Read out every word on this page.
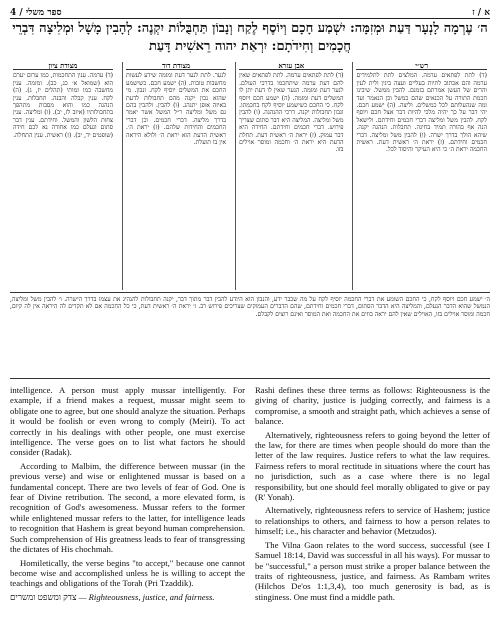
4 / ספר משלי	א / ז
ה׳ עֶרְמָה לָנְעָר דַּעַת וּמְזִמָּה: יִשְׁמַע חָכָם וְיוֹסֶף לֶקַח וְנָבוֹן תַּחְבֻּלוֹת יִקְנֶה: לְהָבִין מָשָׁל וּמְלִיצָה דִּבְרֵי חֲכָמִים וְחִידֹתָם: יִרְאַת יהוה רֵאשִׁית דָּעַת
רש״י
(ד) לתת לפתאים ערמה. המלצים לתת לתלמידים ערמה והם אכתוב לתיות בעליים ועצה ביגין ולית לעין והרים של העשן אמרתם בזמנם. להבין ממשל. שיבינו חכמת התורה על הכנאים שהם כמשל וכן הנאמר ועד ומה שנהעלותם לכל כמשלים. וליצה. (ה) ישמע חכם. יהי דבר על כך יהיה מלכי להיות דבר אצל חכם ויוסף לקח. להבין משל ומליצה דברי חכמים וחידתם. ולישאל הנה אף בהורה תמיד בחינה. תחבלות. הנהגה יקנה. שיהא הולך בדרך ישרה. (ו) להבין משל ומליצה. דברי חכמים וחידתם. (ז) יראת ה׳ ראשית דעת. ראשית החכמה יראת ה׳ כי היא העיקר והיסוד לכל.
אבן עזרא
(ד) לתת לפתאים ערמה. לתת לפתאים שאין להם דעת ערמה שיתחכמו בדרכי העולם. לנער דעת ומזמה. הנער שאין לו דעת יתן לו המשלים דעת ומזמה. (ה) ישמע חכם ויוסף לקח. כי החכם כשישמע יוסיף לקח בחכמתו. ונבון תחבולות יקנה. דרכי ההנהגה. (ו) להבין משל ומליצה. המליצה היא דבר סתום שצריך פירוש. דברי חכמים וחידתם. החידה היא דבר עמוק. (ז) יראת ה׳ ראשית דעת. תחלת הדעת היא יראת ה׳ וחכמה ומוסר אוילים בזו.
מצודת דוד
לנער. לתת לנער דעת ומזמה שידע לעשות מחשבות טובות. (ה) ישמע חכם. כשישמע החכם את המשלים יוסיף לקח. ונבון. מי שהוא נבון יקנה מהם תחבולות לדעת באיזה אופן יתנהג. (ו) להבין. ולהבין בהם גם משל ומליצה ר״ל המשל אשר יאמר בדרך מליצה. דברי חכמים. וכן דברי החכמים והחידות שלהם. (ז) יראת ה׳. ראשית הדעת הוא יראת ה׳ ולולא היראה אין בו תועלת.
מצודת ציון
(ד) ערמה. ענין התחכמות, כמו ערום יערם הוא (שמואל א׳ כג, כב). ומזמה. ענין מחשבה כמו זמותי (תהלים יז, ג). (ה) לקח. ענין קבלה והבנה. תחבלות. ענין הנהגה כמו והוא מסבות מתהפך בתחבולותיו (איוב לז, יב). (ו) ומליצה. ענין צחות הלשון והמשל. וחידתם. ענין דבר סתום ונעלם כמו אחודה נא לכם חידה (שופטים יד, יב). (ז) ראשית. ענין התחלה.
ה׳ ישמע חכם ויוסף לקח, כי החכם השומע את דברי החכמה יוסיף לקח על מה שכבר ידע, והנבון הוא היודע להבין דבר מתוך דבר, יקנה תחבולות להנהיג את עצמו בדרך הישרה. ו׳ להבין משל ומליצה, הנמשל שהוא הדבר הנעלם, והמליצה היא הדבר הסתום, דברי חכמים וחידתם, שהם הדברים העמוקים שצריכים פירוש רב. ז׳ יראת ה׳ ראשית דעת, כי כל החכמה אם לא תקדים לה היראה אין לה קיום, חכמה ומוסר אוילים בזו, האוילים שאין להם יראה בוזים את החכמה ואת המוסר ואינם רוצים לקבלם.

intelligence. A person must apply mussar intelligently. For example, if a friend makes a request, mussar might seem to obligate one to agree, but one should analyze the situation. Perhaps it would be foolish or even wrong to comply (Meiri). To act correctly in his dealings with other people, one must exercise intelligence. The verse goes on to list what factors he should consider (Radak).

According to Malbim, the difference between mussar (in the previous verse) and wise or enlightened mussar is based on a fundamental concept. There are two levels of fear of God. One is fear of Divine retribution. The second, a more elevated form, is recognition of God's awesomeness. Mussar refers to the former while enlightened mussar refers to the latter, for intelligence leads to recognition that Hashem is great beyond human comprehension. Such comprehension of His greatness leads to fear of transgressing the dictates of His chochmah.

Homiletically, the verse begins "to accept," because one cannot become wise and accomplished unless he is willing to accept the teachings and obligations of the Torah (Pri Tzaddik).

צדק ומשפט ומשרים — Righteousness, justice, and fairness.

Rashi defines these three terms as follows: Righteousness is the giving of charity, justice is judging correctly, and fairness is a compromise, a smooth and straight path, which achieves a sense of balance.

Alternatively, righteousness refers to going beyond the letter of the law, for there are times when people should do more than the letter of the law requires. Justice refers to what the law requires. Fairness refers to moral rectitude in situations where the court has no jurisdiction, such as a case where there is no legal responsibility, but one should feel morally obligated to give or pay (R' Yonah).

Alternatively, righteousness refers to service of Hashem; justice to relationships to others, and fairness to how a person relates to himself; i.e., his character and behavior (Metzudos).

The Vilna Gaon relates to the word success, successful (see I Samuel 18:14, David was successful in all his ways). For mussar to be "successful," a person must strike a proper balance between the traits of righteousness, justice, and fairness. As Rambam writes (Hilchos De'os 1:1,3,4), too much generosity is bad, as is stinginess. One must find a middle path.
